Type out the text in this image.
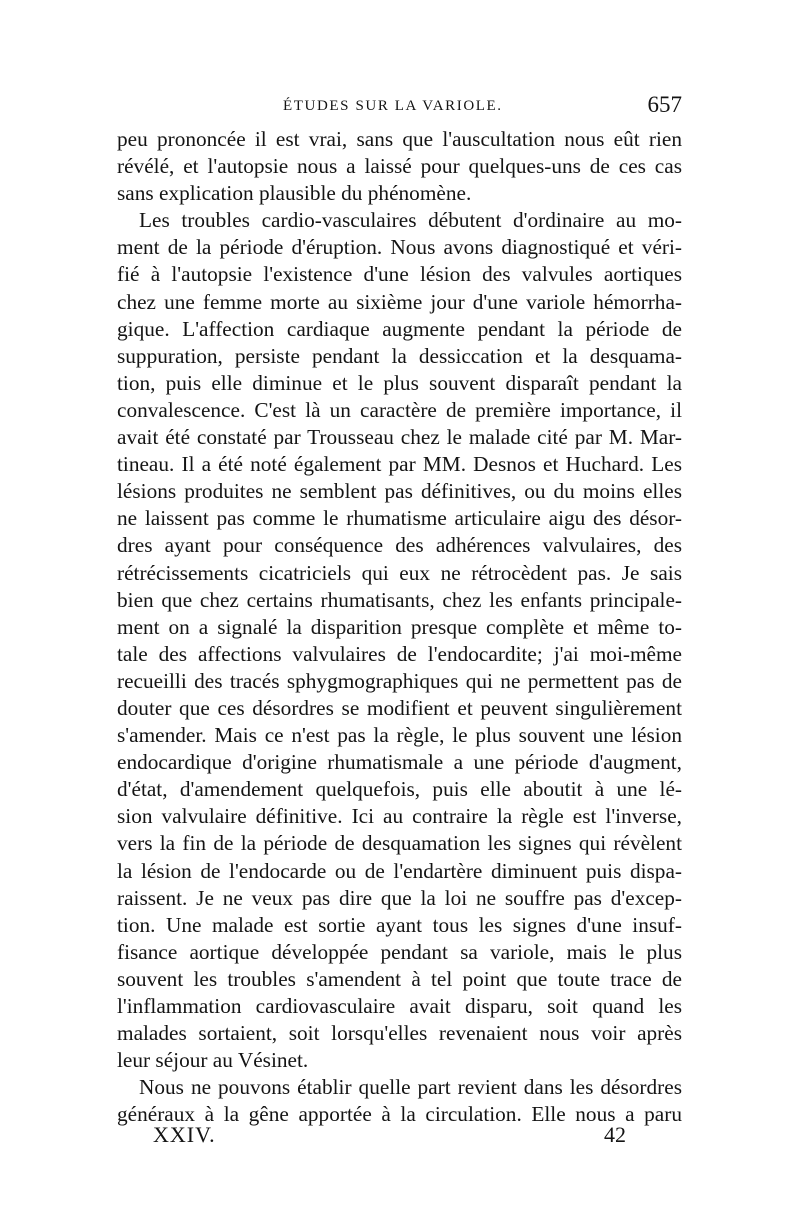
ÉTUDES SUR LA VARIOLE.	657
peu prononcée il est vrai, sans que l'auscultation nous eût rien
révélé, et l'autopsie nous a laissé pour quelques-uns de ces cas
sans explication plausible du phénomène.
Les troubles cardio-vasculaires débutent d'ordinaire au mo-
ment de la période d'éruption. Nous avons diagnostiqué et véri-
fié à l'autopsie l'existence d'une lésion des valvules aortiques
chez une femme morte au sixième jour d'une variole hémorrha-
gique. L'affection cardiaque augmente pendant la période de
suppuration, persiste pendant la dessiccation et la desquama-
tion, puis elle diminue et le plus souvent disparaît pendant la
convalescence. C'est là un caractère de première importance, il
avait été constaté par Trousseau chez le malade cité par M. Mar-
tineau. Il a été noté également par MM. Desnos et Huchard. Les
lésions produites ne semblent pas définitives, ou du moins elles
ne laissent pas comme le rhumatisme articulaire aigu des désor-
dres ayant pour conséquence des adhérences valvulaires, des
rétrécissements cicatriciels qui eux ne rétrocèdent pas. Je sais
bien que chez certains rhumatisants, chez les enfants principale-
ment on a signalé la disparition presque complète et même to-
tale des affections valvulaires de l'endocardite; j'ai moi-même
recueilli des tracés sphygmographiques qui ne permettent pas de
douter que ces désordres se modifient et peuvent singulièrement
s'amender. Mais ce n'est pas la règle, le plus souvent une lésion
endocardique d'origine rhumatismale a une période d'augment,
d'état, d'amendement quelquefois, puis elle aboutit à une lé-
sion valvulaire définitive. Ici au contraire la règle est l'inverse,
vers la fin de la période de desquamation les signes qui révèlent
la lésion de l'endocarde ou de l'endartère diminuent puis dispa-
raissent. Je ne veux pas dire que la loi ne souffre pas d'excep-
tion. Une malade est sortie ayant tous les signes d'une insuf-
fisance aortique développée pendant sa variole, mais le plus
souvent les troubles s'amendent à tel point que toute trace de
l'inflammation cardiovasculaire avait disparu, soit quand les
malades sortaient, soit lorsqu'elles revenaient nous voir après
leur séjour au Vésinet.
Nous ne pouvons établir quelle part revient dans les désordres
généraux à la gêne apportée à la circulation. Elle nous a paru
XXIV.	42
